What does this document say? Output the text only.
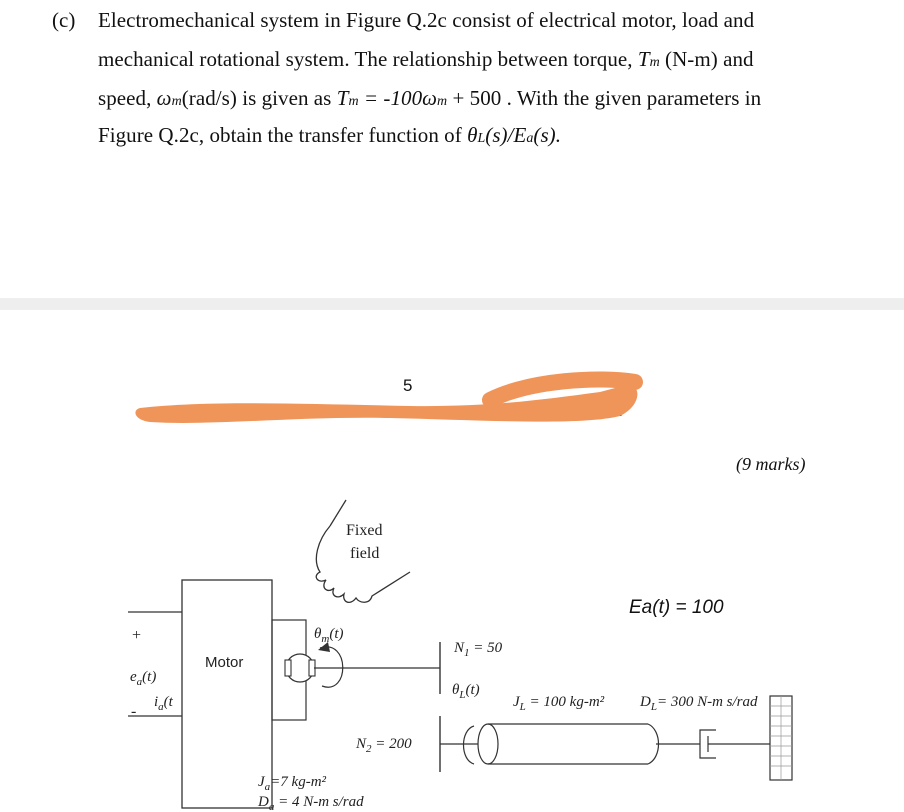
(c) Electromechanical system in Figure Q.2c consist of electrical motor, load and
mechanical rotational system. The relationship between torque, Tm (N-m) and
speed, ωm(rad/s) is given as Tm = -100ωm + 500 . With the given parameters in
Figure Q.2c, obtain the transfer function of θL(s)/Ea(s).
5
(9 marks)
Ea(t) = 100
Fixed
field
Motor
+
-
$e_a(t)$
$i_a(t$
$\theta_m(t)$
$N_1 = 50$
$N_2 = 200$
$\theta_L(t)$
$J_L = 100$ kg-m² $D_L= 300$ N-m s/rad
$J_a=7$ kg-m²
$D_a = 4$ N-m s/rad
